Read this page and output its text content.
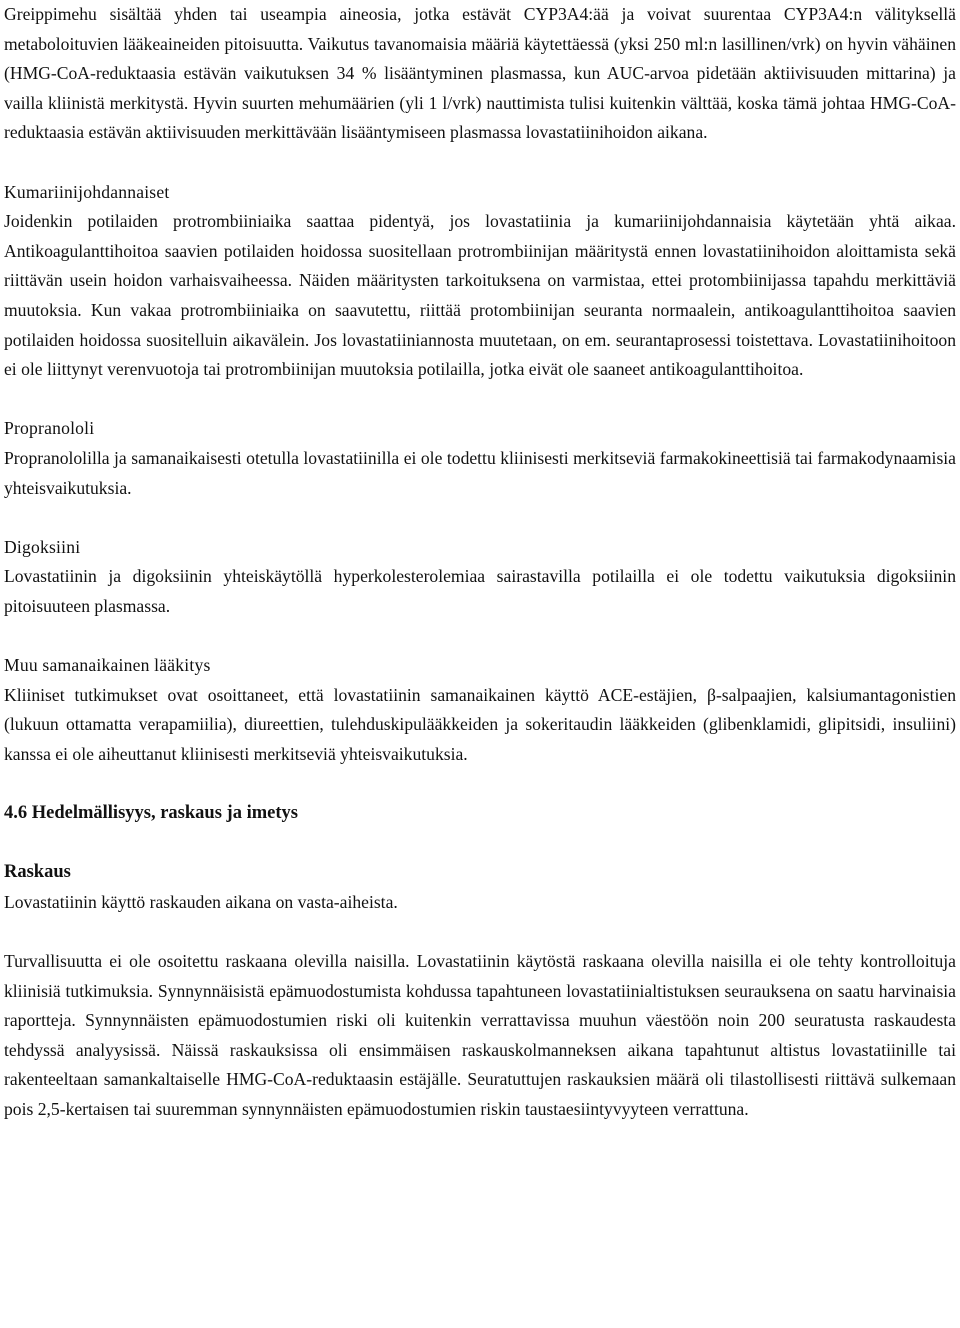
Greippimehu sisältää yhden tai useampia aineosia, jotka estävät CYP3A4:ää ja voivat suurentaa CYP3A4:n välityksellä metaboloituvien lääkeaineiden pitoisuutta. Vaikutus tavanomaisia määriä käytettäessä (yksi 250 ml:n lasillinen/vrk) on hyvin vähäinen (HMG-CoA-reduktaasia estävän vaikutuksen 34 % lisääntyminen plasmassa, kun AUC-arvoa pidetään aktiivisuuden mittarina) ja vailla kliinistä merkitystä. Hyvin suurten mehumäärien (yli 1 l/vrk) nauttimista tulisi kuitenkin välttää, koska tämä johtaa HMG-CoA-reduktaasia estävän aktiivisuuden merkittävään lisääntymiseen plasmassa lovastatiinihoidon aikana.

Kumariinijohdannaiset

Joidenkin potilaiden protrombiiniaika saattaa pidentyä, jos lovastatiinia ja kumariinijohdannaisia käytetään yhtä aikaa. Antikoagulanttihoitoa saavien potilaiden hoidossa suositellaan protrombiinijan määritystä ennen lovastatiinihoidon aloittamista sekä riittävän usein hoidon varhaisvaiheessa. Näiden määritysten tarkoituksena on varmistaa, ettei protombiinijassa tapahdu merkittäviä muutoksia. Kun vakaa protrombiiniaika on saavutettu, riittää protombiinijan seuranta normaalein, antikoagulanttihoitoa saavien potilaiden hoidossa suositelluin aikavälein. Jos lovastatiiniannosta muutetaan, on em. seurantaprosessi toistettava. Lovastatiinihoitoon ei ole liittynyt verenvuotoja tai protrombiinijan muutoksia potilailla, jotka eivät ole saaneet antikoagulanttihoitoa.

Propranololi

Propranololilla ja samanaikaisesti otetulla lovastatiinilla ei ole todettu kliinisesti merkitseviä farmakokineettisiä tai farmakodynaamisia yhteisvaikutuksia.

Digoksiini

Lovastatiinin ja digoksiinin yhteiskäytöllä hyperkolesterolemiaa sairastavilla potilailla ei ole todettu vaikutuksia digoksiinin pitoisuuteen plasmassa.

Muu samanaikainen lääkitys

Kliiniset tutkimukset ovat osoittaneet, että lovastatiinin samanaikainen käyttö ACE-estäjien, β-salpaajien, kalsiumantagonistien (lukuun ottamatta verapamiilia), diureettien, tulehduskipulääkkeiden ja sokeritaudin lääkkeiden (glibenklamidi, glipitsidi, insuliini) kanssa ei ole aiheuttanut kliinisesti merkitseviä yhteisvaikutuksia.

4.6 Hedelmällisyys, raskaus ja imetys

Raskaus

Lovastatiinin käyttö raskauden aikana on vasta-aiheista.

Turvallisuutta ei ole osoitettu raskaana olevilla naisilla. Lovastatiinin käytöstä raskaana olevilla naisilla ei ole tehty kontrolloituja kliinisiä tutkimuksia. Synnynnäisistä epämuodostumista kohdussa tapahtuneen lovastatiinialtistuksen seurauksena on saatu harvinaisia raportteja. Synnynnäisten epämuodostumien riski oli kuitenkin verrattavissa muuhun väestöön noin 200 seuratusta raskaudesta tehdyssä analyysissä. Näissä raskauksissa oli ensimmäisen raskauskolmanneksen aikana tapahtunut altistus lovastatiinille tai rakenteeltaan samankaltaiselle HMG-CoA-reduktaasin estäjälle. Seuratuttujen raskauksien määrä oli tilastollisesti riittävä sulkemaan pois 2,5-kertaisen tai suuremman synnynnäisten epämuodostumien riskin taustaesiintyvyyteen verrattuna.
